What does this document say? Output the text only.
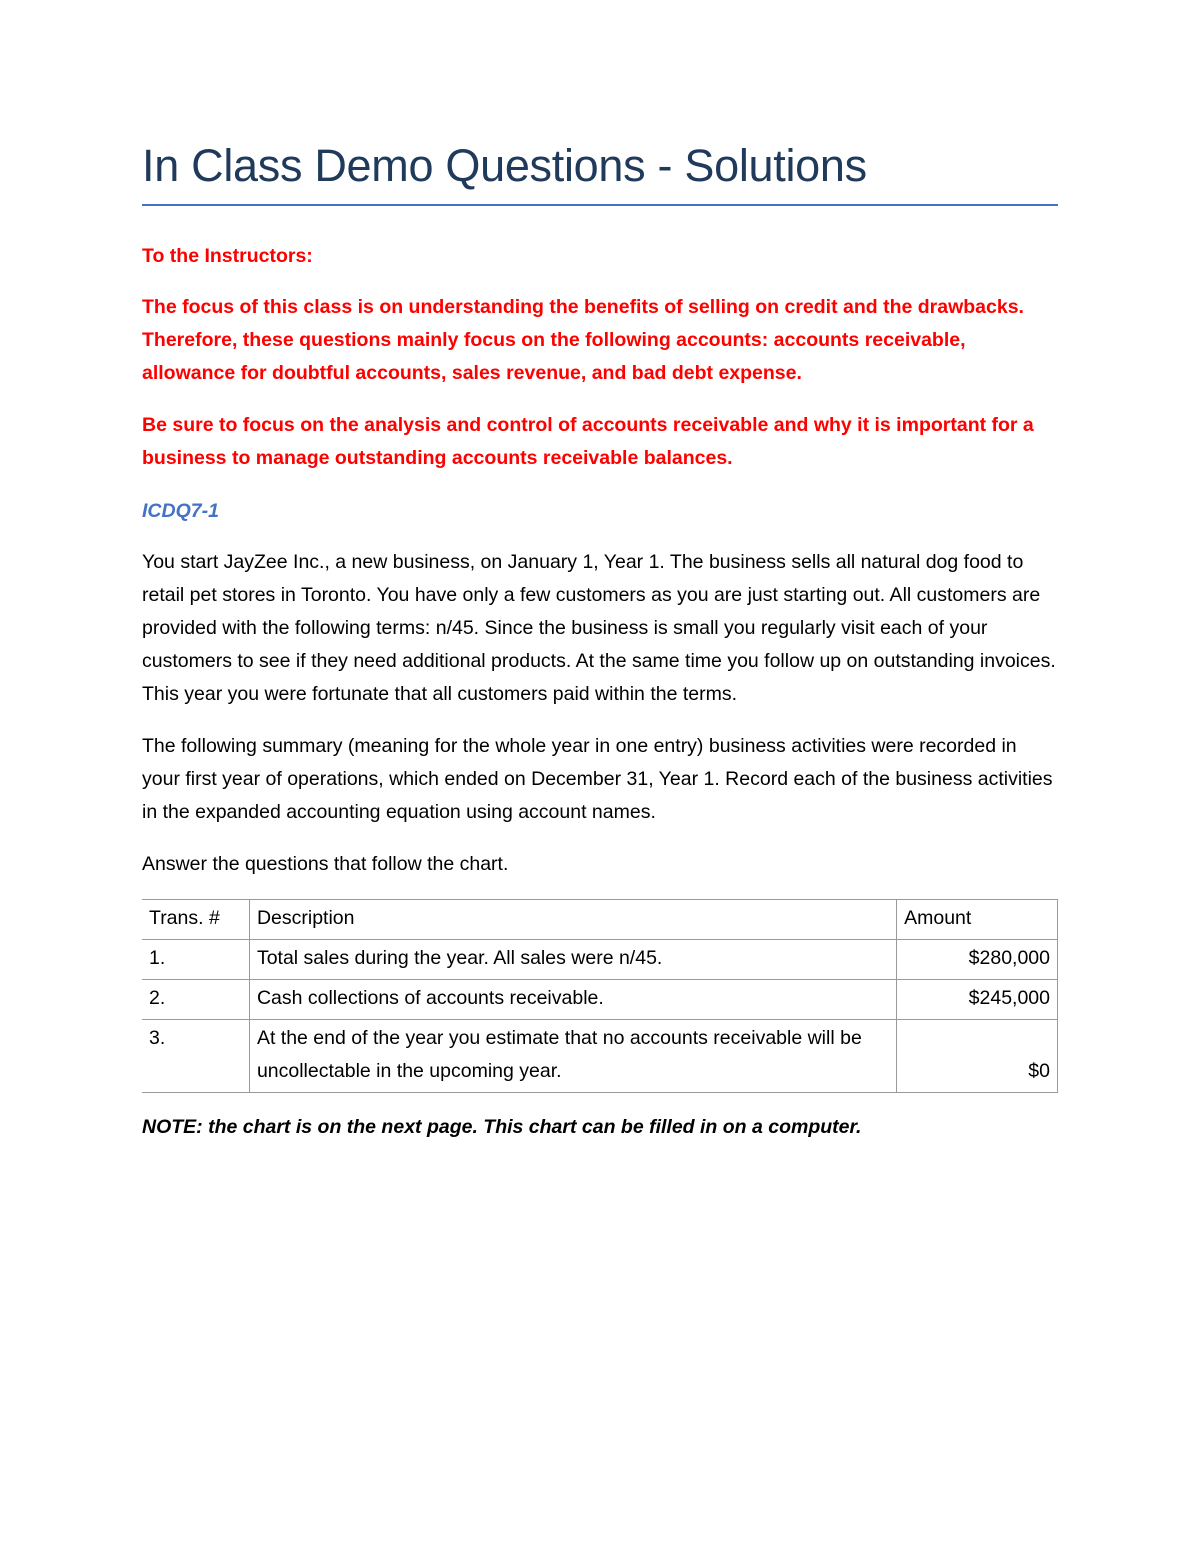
In Class Demo Questions - Solutions

To the Instructors:

The focus of this class is on understanding the benefits of selling on credit and the drawbacks. Therefore, these questions mainly focus on the following accounts: accounts receivable, allowance for doubtful accounts, sales revenue, and bad debt expense.

Be sure to focus on the analysis and control of accounts receivable and why it is important for a business to manage outstanding accounts receivable balances.

ICDQ7-1

You start JayZee Inc., a new business, on January 1, Year 1. The business sells all natural dog food to retail pet stores in Toronto. You have only a few customers as you are just starting out. All customers are provided with the following terms: n/45. Since the business is small you regularly visit each of your customers to see if they need additional products. At the same time you follow up on outstanding invoices. This year you were fortunate that all customers paid within the terms.

The following summary (meaning for the whole year in one entry) business activities were recorded in your first year of operations, which ended on December 31, Year 1. Record each of the business activities in the expanded accounting equation using account names.

Answer the questions that follow the chart.

Trans. #	Description	Amount
1.	Total sales during the year. All sales were n/45.	$280,000
2.	Cash collections of accounts receivable.	$245,000
3.	At the end of the year you estimate that no accounts receivable will be uncollectable in the upcoming year.	$0

NOTE: the chart is on the next page. This chart can be filled in on a computer.
